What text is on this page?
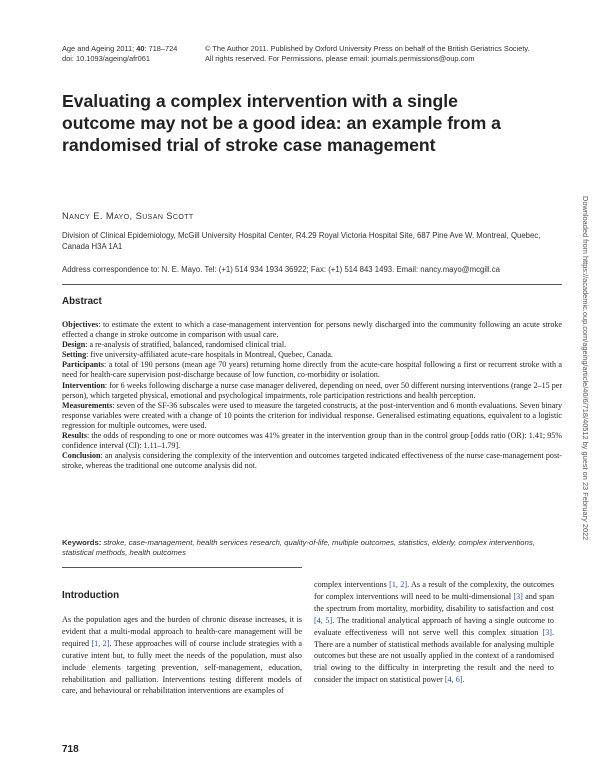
Age and Ageing 2011; 40: 718–724
doi: 10.1093/ageing/afr061
© The Author 2011. Published by Oxford University Press on behalf of the British Geriatrics Society.
All rights reserved. For Permissions, please email: journals.permissions@oup.com
Evaluating a complex intervention with a single outcome may not be a good idea: an example from a randomised trial of stroke case management
Nancy E. Mayo, Susan Scott
Division of Clinical Epidemiology, McGill University Hospital Center, R4.29 Royal Victoria Hospital Site, 687 Pine Ave W. Montreal, Quebec, Canada H3A 1A1
Address correspondence to: N. E. Mayo. Tel: (+1) 514 934 1934 36922; Fax: (+1) 514 843 1493. Email: nancy.mayo@mcgill.ca
Abstract

Objectives: to estimate the extent to which a case-management intervention for persons newly discharged into the community following an acute stroke effected a change in stroke outcome in comparison with usual care.

Design: a re-analysis of stratified, balanced, randomised clinical trial.

Setting: five university-affiliated acute-care hospitals in Montreal, Quebec, Canada.

Participants: a total of 190 persons (mean age 70 years) returning home directly from the acute-care hospital following a first or recurrent stroke with a need for health-care supervision post-discharge because of low function, co-morbidity or isolation.

Intervention: for 6 weeks following discharge a nurse case manager delivered, depending on need, over 50 different nursing interventions (range 2–15 per person), which targeted physical, emotional and psychological impairments, role participation restrictions and health perception.

Measurements: seven of the SF-36 subscales were used to measure the targeted constructs, at the post-intervention and 6 month evaluations. Seven binary response variables were created with a change of 10 points the criterion for individual response. Generalised estimating equations, equivalent to a logistic regression for multiple outcomes, were used.

Results: the odds of responding to one or more outcomes was 41% greater in the intervention group than in the control group [odds ratio (OR): 1.41; 95% confidence interval (CI): 1.11–1.79].

Conclusion: an analysis considering the complexity of the intervention and outcomes targeted indicated effectiveness of the nurse case-management post-stroke, whereas the traditional one outcome analysis did not.

Keywords: stroke, case-management, health services research, quality-of-life, multiple outcomes, statistics, elderly, complex interventions, statistical methods, health outcomes
Introduction

As the population ages and the burden of chronic disease increases, it is evident that a multi-modal approach to health-care management will be required [1, 2]. These approaches will of course include strategies with a curative intent but, to fully meet the needs of the population, must also include elements targeting prevention, self-management, education, rehabilitation and palliation. Interventions testing different models of care, and behavioural or rehabilitation interventions are examples of

complex interventions [1, 2]. As a result of the complexity, the outcomes for complex interventions will need to be multi-dimensional [3] and span the spectrum from mortality, morbidity, disability to satisfaction and cost [4, 5]. The traditional analytical approach of having a single outcome to evaluate effectiveness will not serve well this complex situation [3]. There are a number of statistical methods available for analysing multiple outcomes but these are not usually applied in the context of a randomised trial owing to the difficulty in interpreting the result and the need to consider the impact on statistical power [4, 6].

718
Downloaded from https://academic.oup.com/ageing/article/40/6/718/40512 by guest on 23 February 2022
